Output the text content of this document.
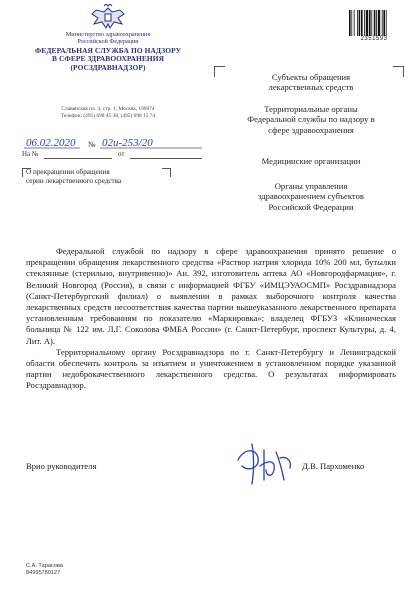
2351593
Министерство здравоохранения
Российской Федерации
ФЕДЕРАЛЬНАЯ СЛУЖБА ПО НАДЗОРУ
В СФЕРЕ ЗДРАВООХРАНЕНИЯ
(РОСЗДРАВНАДЗОР)
Славянская пл. 4, стр. 1, Москва, 109074
Телефон: (495) 698 45 38, (495) 698 15 74
06.02.2020 № 02и-253/20
На №	от
О прекращении обращения
серии лекарственного средства
Субъекты обращения
лекарственных средств
Территориальные органы
Федеральной службы по надзору в
сфере здравоохранения
Медицинские организации
Органы управления
здравоохранением субъектов
Российской Федерации

Федеральной службой по надзору в сфере здравоохранения принято решение о прекращении обращения лекарственного средства «Раствор натрия хлорида 10% 200 мл, бутылки стеклянные (стерильно, внутривенно)» Ан. 392, изготовитель аптека АО «Новгородфармация», г. Великий Новгород (Россия), в связи с информацией ФГБУ «ИМЦЭУАОСМП» Росздравнадзора (Санкт-Петербургский филиал) о выявлении в рамках выборочного контроля качества лекарственных средств несоответствия качества партии вышеуказанного лекарственного препарата установленным требованиям по показателю «Маркировка»; владелец ФГБУЗ «Клиническая больница № 122 им. Л.Г. Соколова ФМБА России» (г. Санкт-Петербург, проспект Культуры, д. 4, Лит. А).

Территориальному органу Росздравнадзора по г. Санкт-Петербургу и Ленинградской области обеспечить контроль за изъятием и уничтожением в установленном порядке указанной партии недоброкачественного лекарственного средства. О результатах информировать Росздравнадзор.

Врио руководителя	Д.В. Пархоменко
С.А. Тарасова
84995780127
